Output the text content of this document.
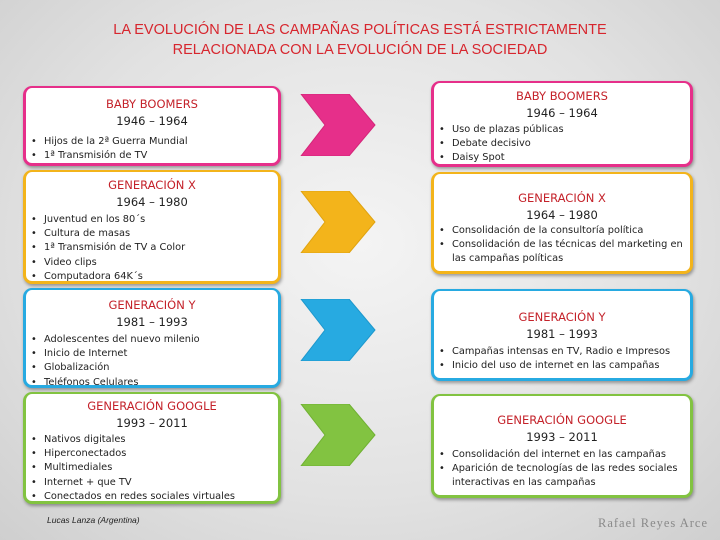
LA EVOLUCIÓN DE LAS CAMPAÑAS POLÍTICAS ESTÁ ESTRICTAMENTE
RELACIONADA CON LA EVOLUCIÓN DE LA SOCIEDAD
BABY BOOMERS
1946 – 1964
• Hijos de la 2ª Guerra Mundial
• 1ª Transmisión de TV
BABY BOOMERS
1946 – 1964
• Uso de plazas públicas
• Debate decisivo
• Daisy Spot
GENERACIÓN X
1964 – 1980
• Juventud en los 80´s
• Cultura de masas
• 1ª Transmisión de TV a Color
• Video clips
• Computadora 64K´s
GENERACIÓN X
1964 – 1980
• Consolidación de la consultoría política
• Consolidación de las técnicas del marketing en las campañas políticas
GENERACIÓN Y
1981 – 1993
• Adolescentes del nuevo milenio
• Inicio de Internet
• Globalización
• Teléfonos Celulares
GENERACIÓN Y
1981 – 1993
• Campañas intensas en TV, Radio e Impresos
• Inicio del uso de internet en las campañas
GENERACIÓN GOOGLE
1993 – 2011
• Nativos digitales
• Hiperconectados
• Multimediales
• Internet + que TV
• Conectados en redes sociales virtuales
GENERACIÓN GOOGLE
1993 – 2011
• Consolidación del internet en las campañas
• Aparición de tecnologías de las redes sociales interactivas en las campañas
Lucas Lanza (Argentina)	Rafael Reyes Arce
